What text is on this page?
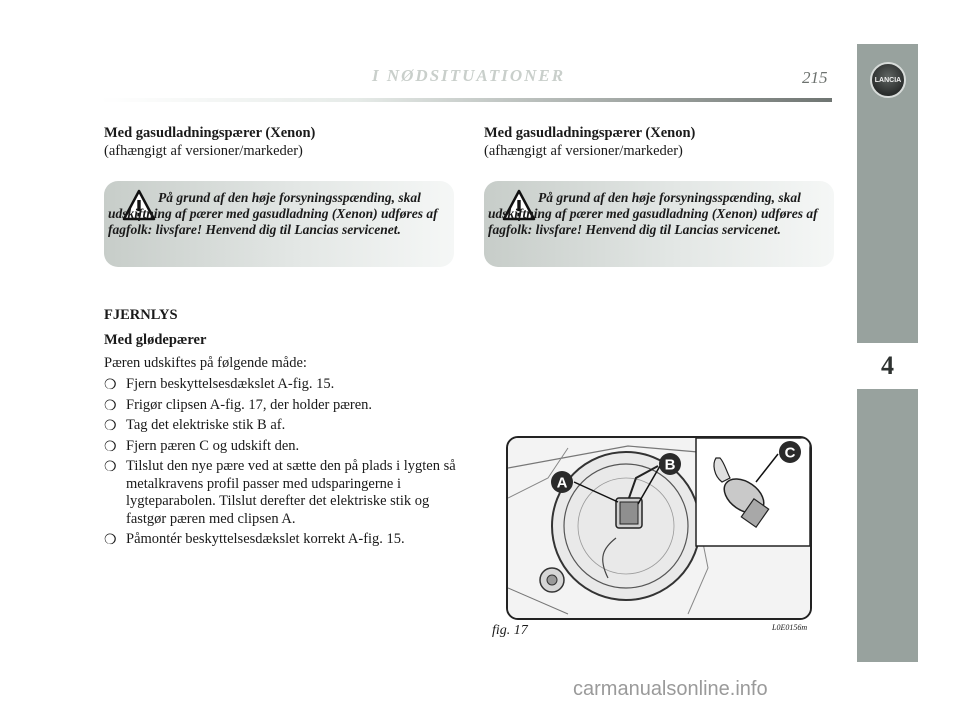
I NØDSITUATIONER	215	LANCIA
4
Med gasudladningspærer (Xenon)
(afhængigt af versioner/markeder)
På grund af den høje forsyningsspænding, skal udskiftning af pærer med gasudladning (Xenon) udføres af fagfolk: livsfare! Henvend dig til Lancias servicenet.
FJERNLYS
Med glødepærer
Pæren udskiftes på følgende måde:
❍ Fjern beskyttelsesdækslet A-fig. 15.
❍ Frigør clipsen A-fig. 17, der holder pæren.
❍ Tag det elektriske stik B af.
❍ Fjern pæren C og udskift den.
❍ Tilslut den nye pære ved at sætte den på plads i lygten så metalkravens profil passer med udsparingerne i lygteparabolen. Tilslut derefter det elektriske stik og fastgør pæren med clipsen A.
❍ Påmontér beskyttelsesdækslet korrekt A-fig. 15.
Med gasudladningspærer (Xenon)
(afhængigt af versioner/markeder)
På grund af den høje forsyningsspænding, skal udskiftning af pærer med gasudladning (Xenon) udføres af fagfolk: livsfare! Henvend dig til Lancias servicenet.
A
B
C
fig. 17	L0E0156m
carmanualsonline.info
